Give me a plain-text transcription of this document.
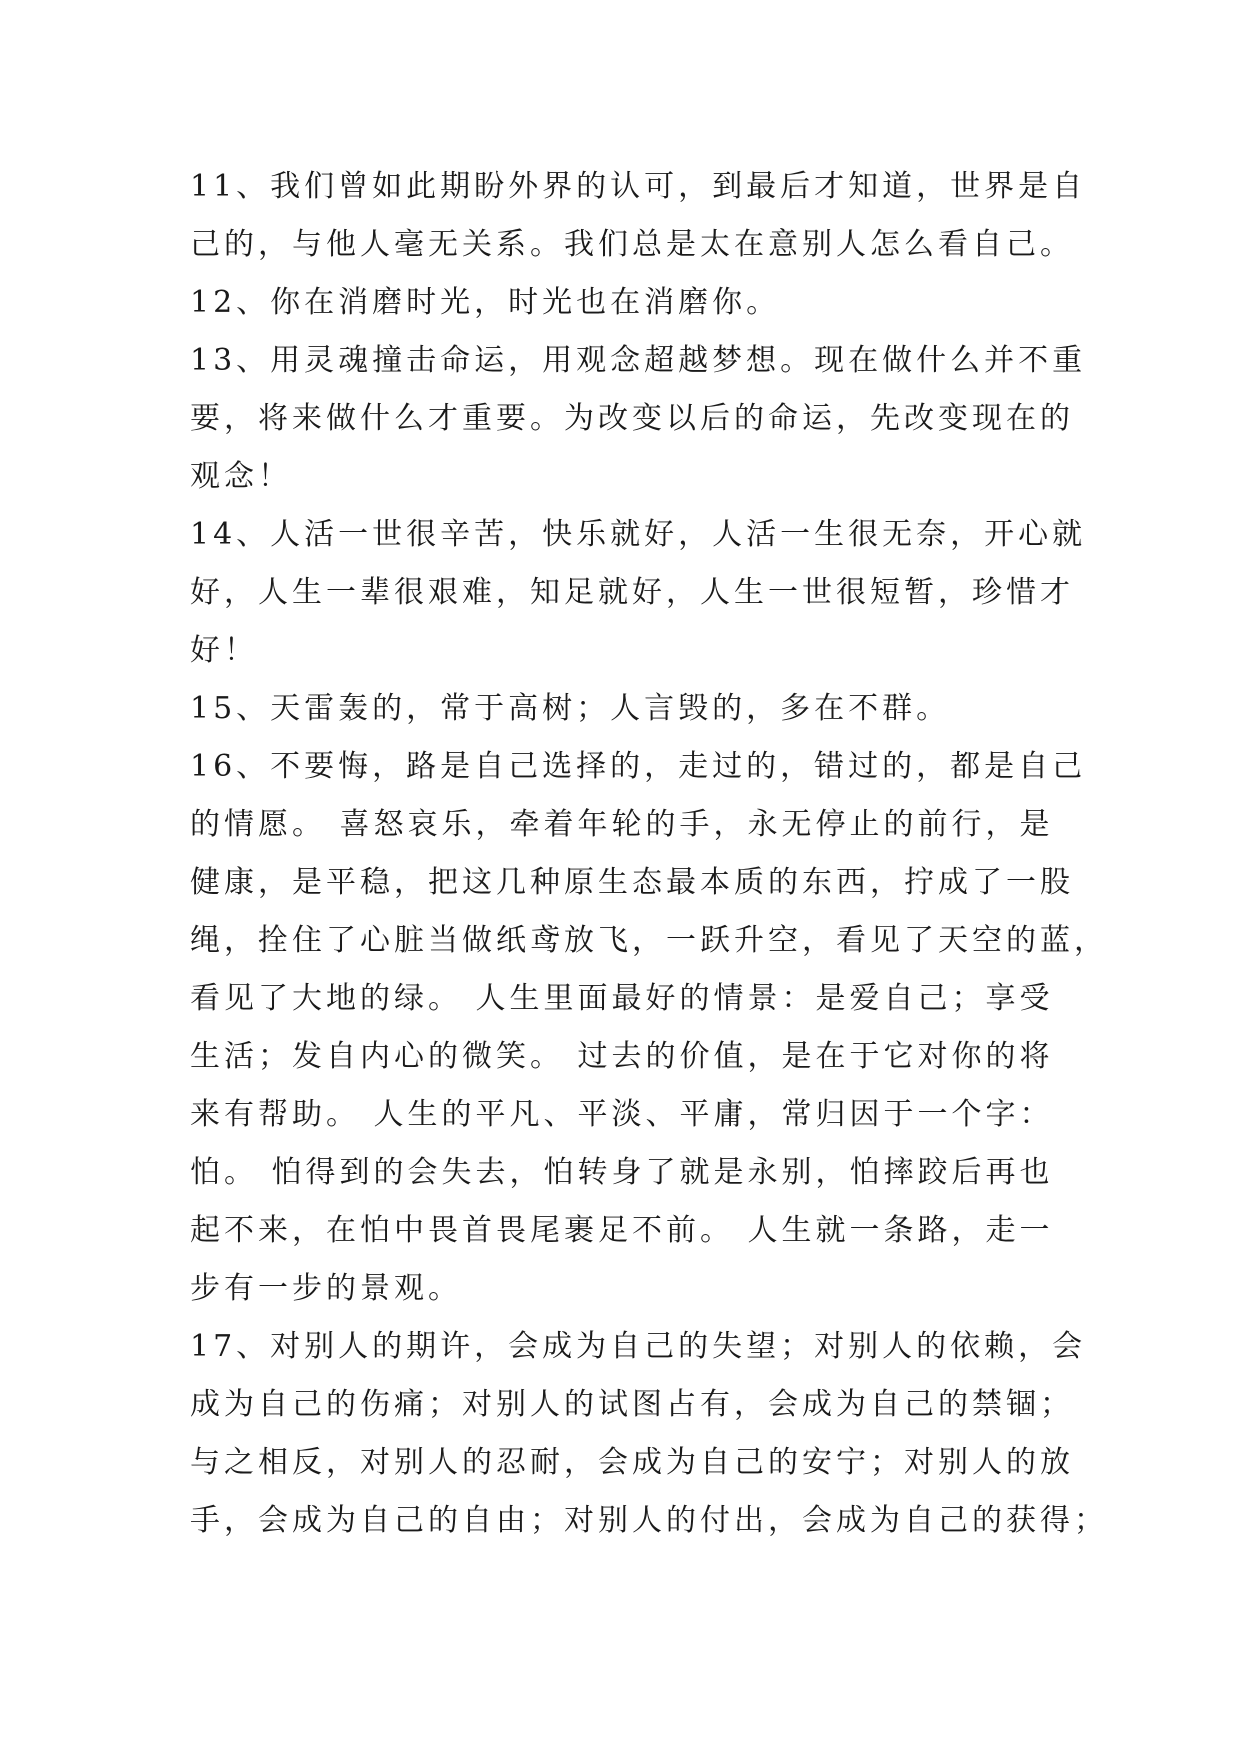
11、我们曾如此期盼外界的认可，到最后才知道，世界是自
己的，与他人毫无关系。我们总是太在意别人怎么看自己。
12、你在消磨时光，时光也在消磨你。
13、用灵魂撞击命运，用观念超越梦想。现在做什么并不重
要，将来做什么才重要。为改变以后的命运，先改变现在的
观念！
14、人活一世很辛苦，快乐就好，人活一生很无奈，开心就
好，人生一辈很艰难，知足就好，人生一世很短暂，珍惜才
好！
15、天雷轰的，常于高树；人言毁的，多在不群。
16、不要悔，路是自己选择的，走过的，错过的，都是自己
的情愿。 喜怒哀乐，牵着年轮的手，永无停止的前行，是
健康，是平稳，把这几种原生态最本质的东西，拧成了一股
绳，拴住了心脏当做纸鸢放飞，一跃升空，看见了天空的蓝，
看见了大地的绿。 人生里面最好的情景：是爱自己；享受
生活；发自内心的微笑。 过去的价值，是在于它对你的将
来有帮助。 人生的平凡、平淡、平庸，常归因于一个字：
怕。 怕得到的会失去，怕转身了就是永别，怕摔跤后再也
起不来，在怕中畏首畏尾裹足不前。 人生就一条路，走一
步有一步的景观。
17、对别人的期许，会成为自己的失望；对别人的依赖，会
成为自己的伤痛；对别人的试图占有，会成为自己的禁锢；
与之相反，对别人的忍耐，会成为自己的安宁；对别人的放
手，会成为自己的自由；对别人的付出，会成为自己的获得；
